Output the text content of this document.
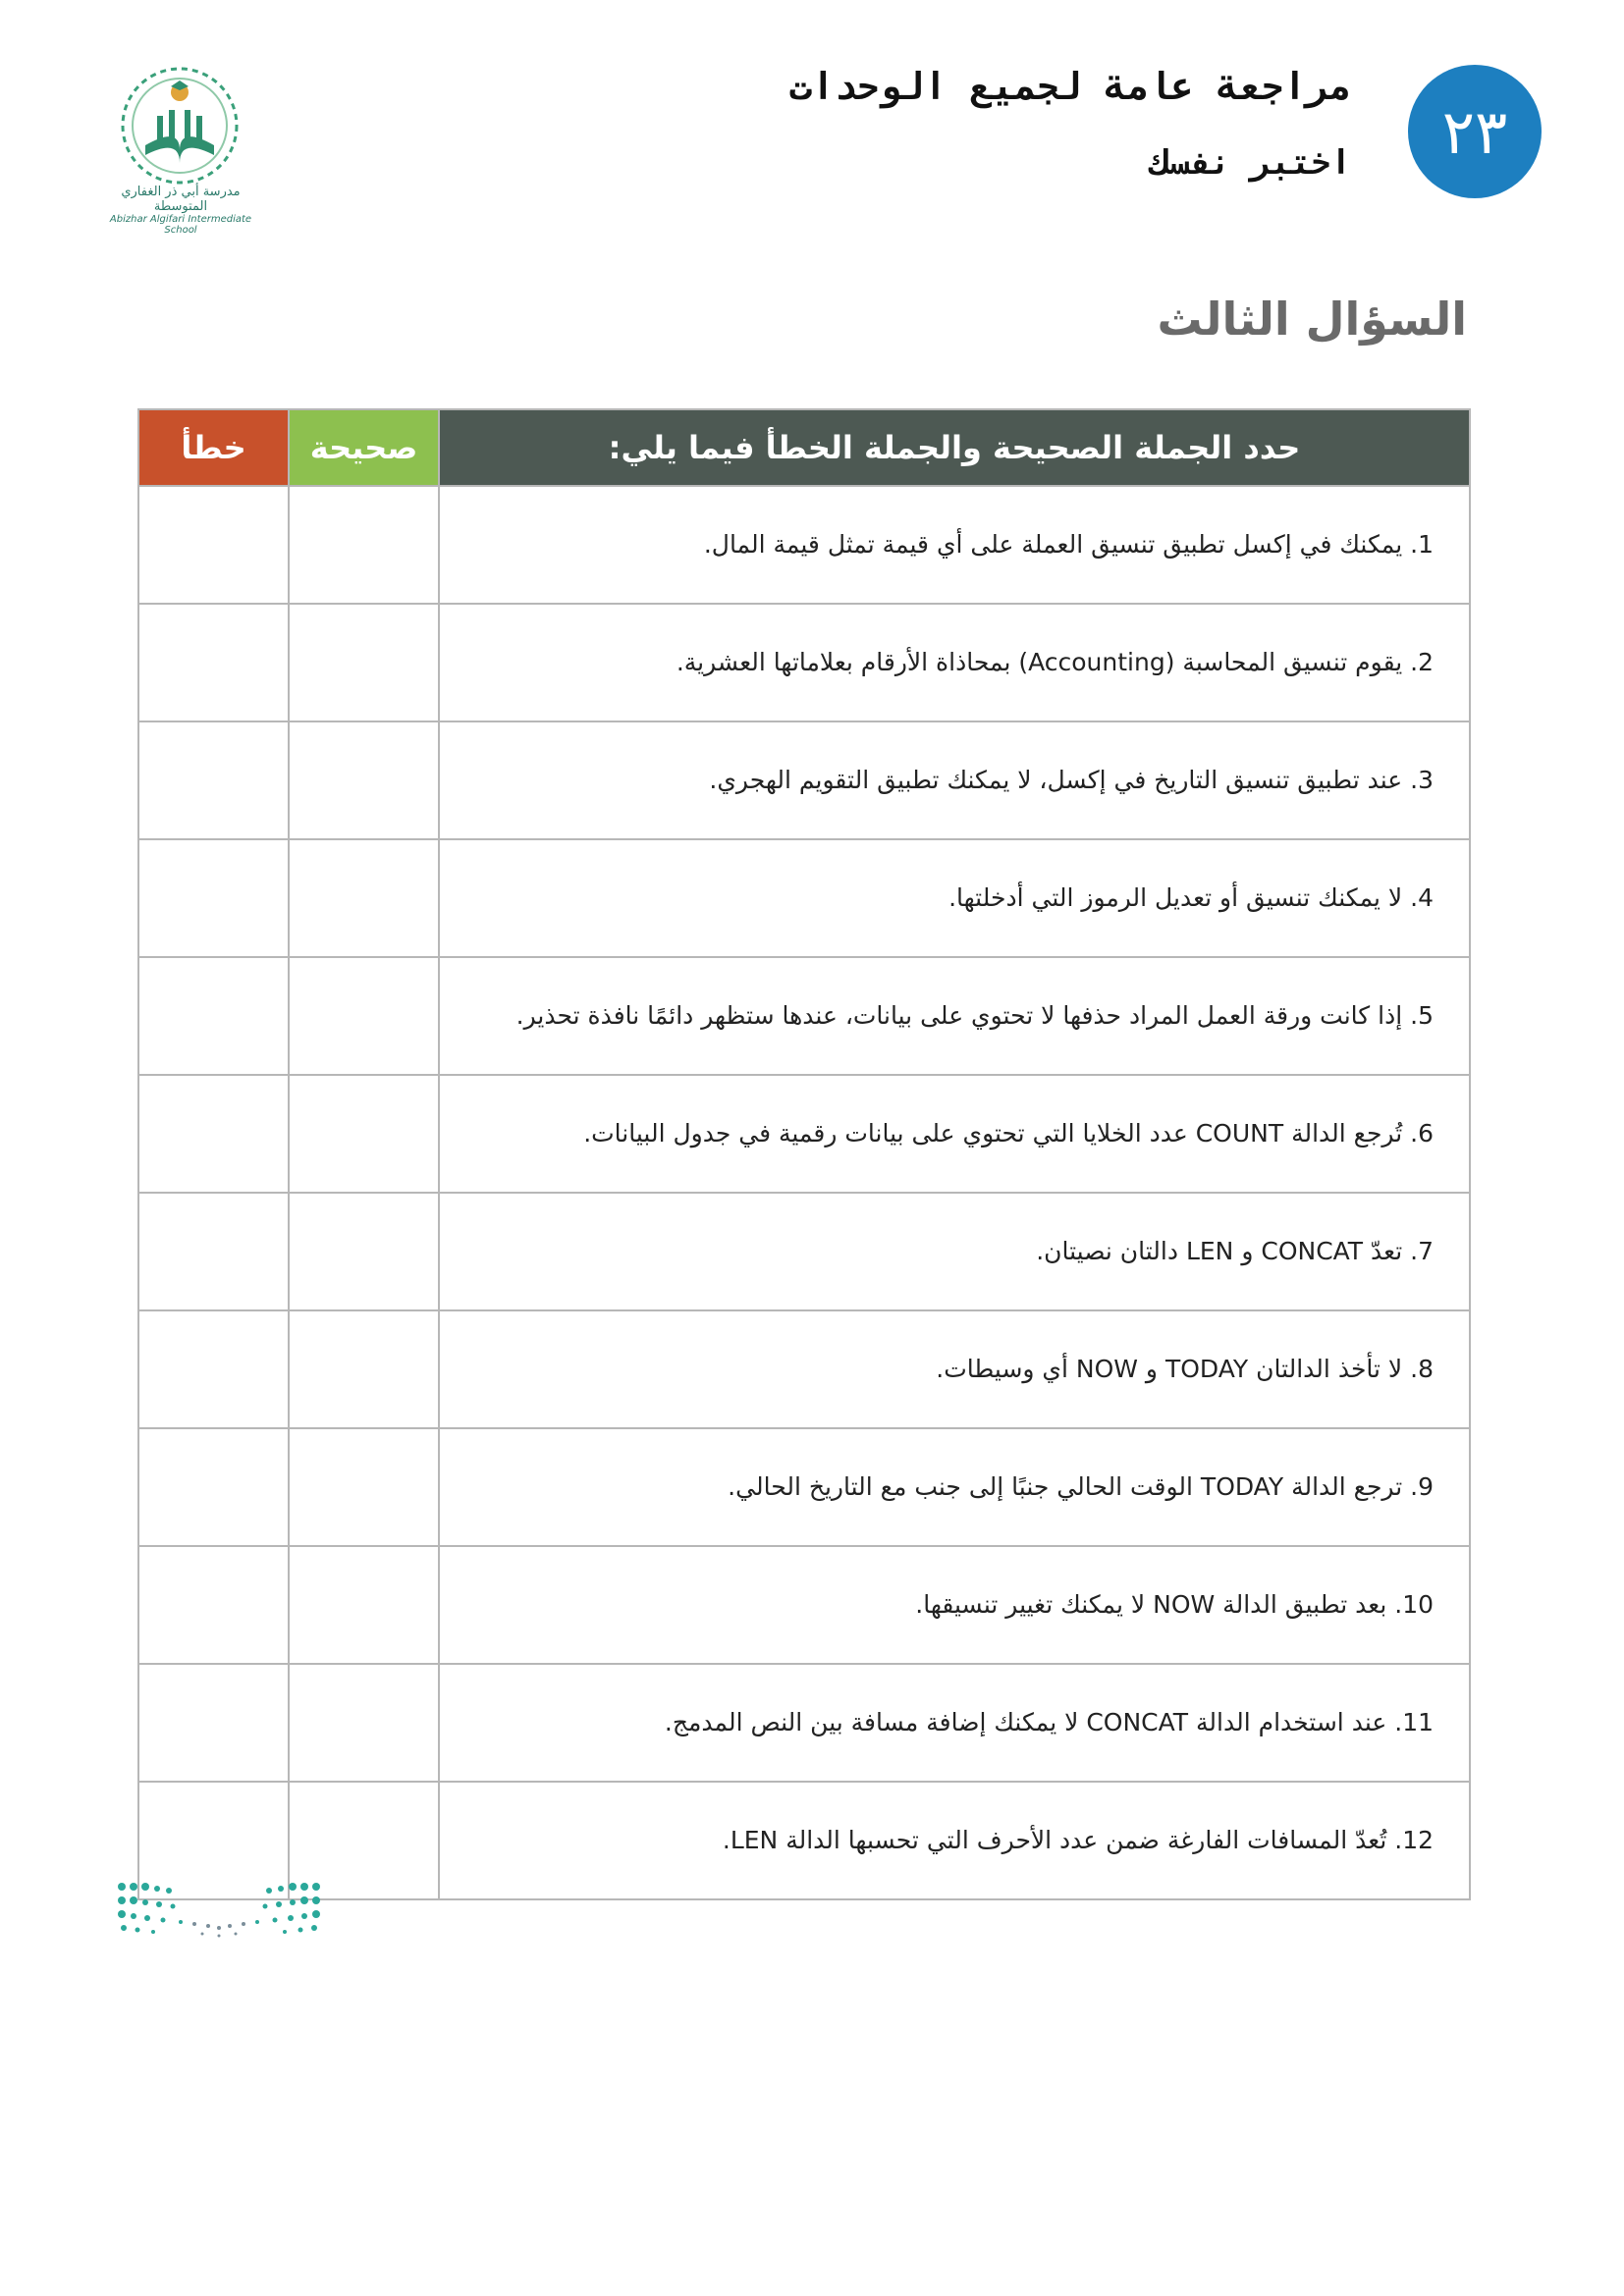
مدرسة أبي ذر الغفاري المتوسطة
Abizhar Algifari Intermediate School
مراجعة عامة لجميع الوحدات
اختبر نفسك	٢٣
السؤال الثالث
خطأ	صحيحة	حدد الجملة الصحيحة والجملة الخطأ فيما يلي:
		1. يمكنك في إكسل تطبيق تنسيق العملة على أي قيمة تمثل قيمة المال.
		2. يقوم تنسيق المحاسبة (Accounting) بمحاذاة الأرقام بعلاماتها العشرية.
		3. عند تطبيق تنسيق التاريخ في إكسل، لا يمكنك تطبيق التقويم الهجري.
		4. لا يمكنك تنسيق أو تعديل الرموز التي أدخلتها.
		5. إذا كانت ورقة العمل المراد حذفها لا تحتوي على بيانات، عندها ستظهر دائمًا نافذة تحذير.
		6. تُرجع الدالة COUNT عدد الخلايا التي تحتوي على بيانات رقمية في جدول البيانات.
		7. تعدّ CONCAT و LEN دالتان نصيتان.
		8. لا تأخذ الدالتان TODAY و NOW أي وسيطات.
		9. ترجع الدالة TODAY الوقت الحالي جنبًا إلى جنب مع التاريخ الحالي.
		10. بعد تطبيق الدالة NOW لا يمكنك تغيير تنسيقها.
		11. عند استخدام الدالة CONCAT لا يمكنك إضافة مسافة بين النص المدمج.
		12. تُعدّ المسافات الفارغة ضمن عدد الأحرف التي تحسبها الدالة LEN.
